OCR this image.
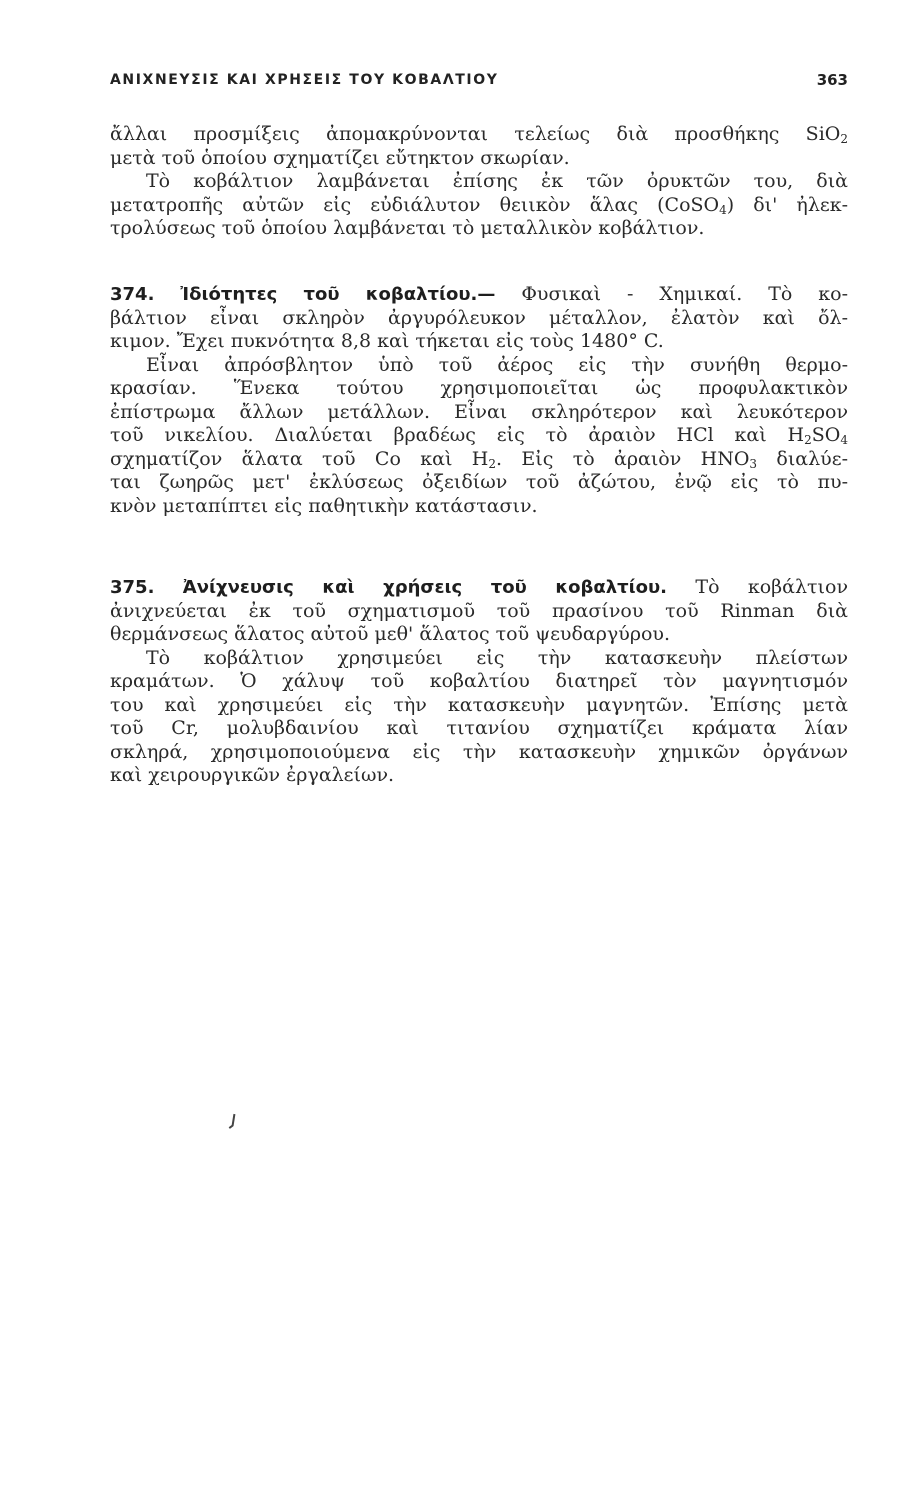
ΑΝΙΧΝΕΥΣΙΣ ΚΑΙ ΧΡΗΣΕΙΣ ΤΟΥ ΚΟΒΑΛΤΙΟΥ	363
ἄλλαι προσμίξεις ἀπομακρύνονται τελείως διὰ προσθήκης SiO$_2$
μετὰ τοῦ ὁποίου σχηματίζει εὔτηκτον σκωρίαν.
Τὸ κοβάλτιον λαμβάνεται ἐπίσης ἐκ τῶν ὀρυκτῶν του, διὰ
μετατροπῆς αὐτῶν εἰς εὐδιάλυτον θειικὸν ἅλας (CoSO$_4$) δι' ἠλεκ-
τρολύσεως τοῦ ὁποίου λαμβάνεται τὸ μεταλλικὸν κοβάλτιον.
374. Ἰδιότητες τοῦ κοβαλτίου.— Φυσικαὶ - Χημικαί. Τὸ κο-
βάλτιον εἶναι σκληρὸν ἀργυρόλευκον μέταλλον, ἐλατὸν καὶ ὄλ-
κιμον. Ἔχει πυκνότητα 8,8 καὶ τήκεται εἰς τοὺς 1480° C.
Εἶναι ἀπρόσβλητον ὑπὸ τοῦ ἀέρος εἰς τὴν συνήθη θερμο-
κρασίαν. Ἕνεκα τούτου χρησιμοποιεῖται ὡς προφυλακτικὸν
ἐπίστρωμα ἄλλων μετάλλων. Εἶναι σκληρότερον καὶ λευκότερον
τοῦ νικελίου. Διαλύεται βραδέως εἰς τὸ ἀραιὸν HCl καὶ $H_2SO_4$
σχηματίζον ἅλατα τοῦ Co καὶ $H_2$. Εἰς τὸ ἀραιὸν $HNO_3$ διαλύε-
ται ζωηρῶς μετ' ἐκλύσεως ὀξειδίων τοῦ ἀζώτου, ἐνῷ εἰς τὸ πυ-
κνὸν μεταπίπτει εἰς παθητικὴν κατάστασιν.
375. Ἀνίχνευσις καὶ χρήσεις τοῦ κοβαλτίου. Τὸ κοβάλτιον
ἀνιχνεύεται ἐκ τοῦ σχηματισμοῦ τοῦ πρασίνου τοῦ Rinman διὰ
θερμάνσεως ἅλατος αὐτοῦ μεθ' ἅλατος τοῦ ψευδαργύρου.
Τὸ κοβάλτιον χρησιμεύει εἰς τὴν κατασκευὴν πλείστων
κραμάτων. Ὁ χάλυψ τοῦ κοβαλτίου διατηρεῖ τὸν μαγνητισμόν
του καὶ χρησιμεύει εἰς τὴν κατασκευὴν μαγνητῶν. Ἐπίσης μετὰ
τοῦ Cr, μολυβδαινίου καὶ τιτανίου σχηματίζει κράματα λίαν
σκληρά, χρησιμοποιούμενα εἰς τὴν κατασκευὴν χημικῶν ὀργάνων
καὶ χειρουργικῶν ἐργαλείων.
